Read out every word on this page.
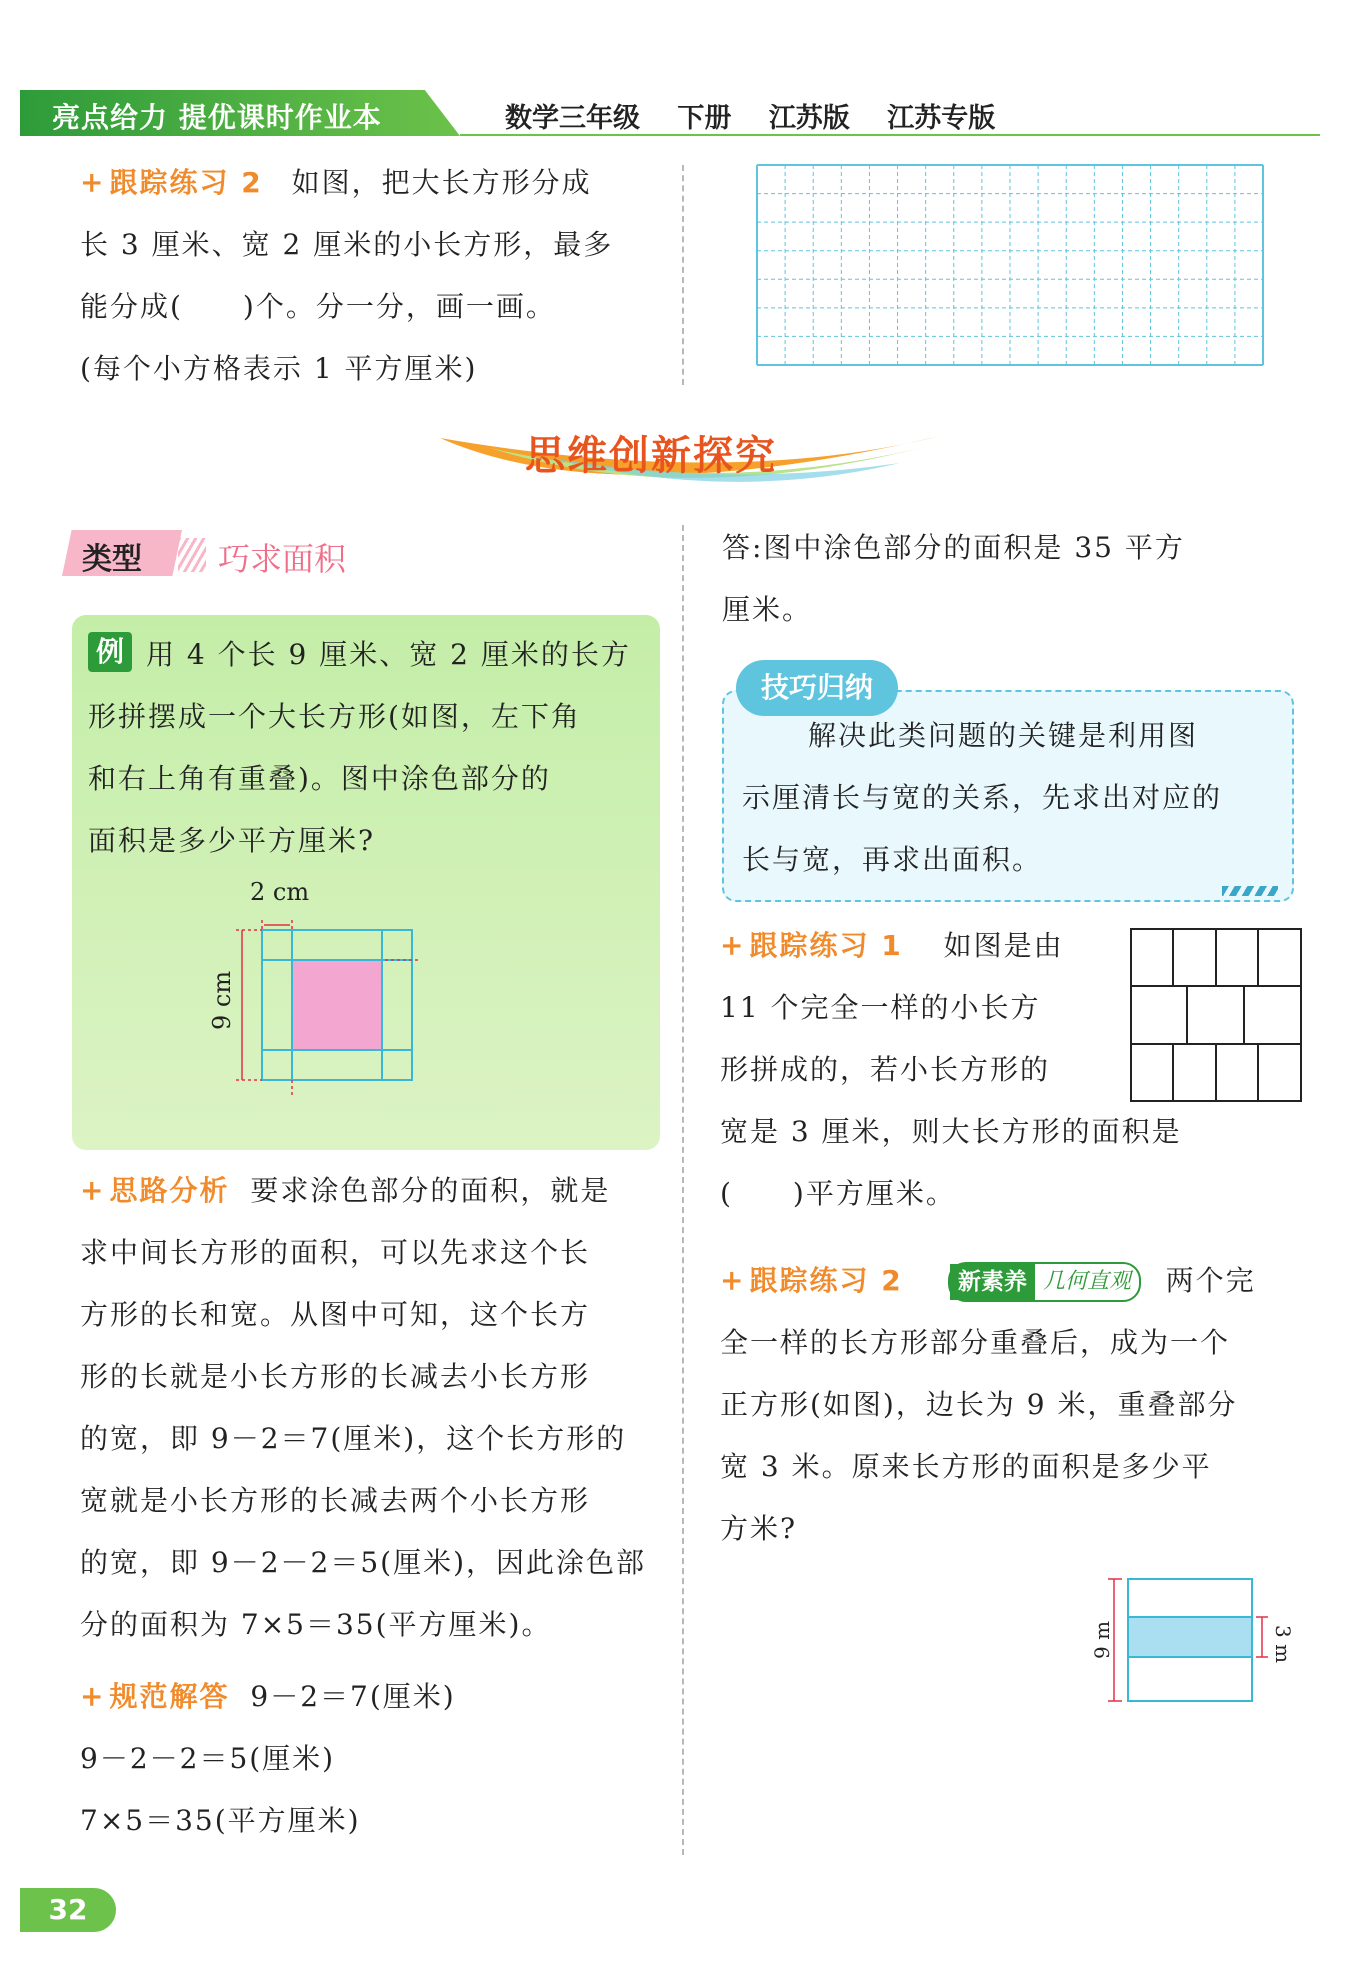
亮点给力 提优课时作业本	数学三年级 下册 江苏版 江苏专版
+ 跟踪练习 2 如图，把大长方形分成
长 3 厘米、宽 2 厘米的小长方形，最多
能分成(　　)个。分一分，画一画。
(每个小方格表示 1 平方厘米)
思维创新探究
类型 巧求面积
用 4 个长 9 厘米、宽 2 厘米的长方
形拼摆成一个大长方形(如图，左下角
和右上角有重叠)。图中涂色部分的
面积是多少平方厘米?
例
2 cm
9 cm
+ 思路分析 要求涂色部分的面积，就是
求中间长方形的面积，可以先求这个长
方形的长和宽。从图中可知，这个长方
形的长就是小长方形的长减去小长方形
的宽，即 9－2＝7(厘米)，这个长方形的
宽就是小长方形的长减去两个小长方形
的宽，即 9－2－2＝5(厘米)，因此涂色部
分的面积为 7×5＝35(平方厘米)。
+ 规范解答 9－2＝7(厘米)
9－2－2＝5(厘米)
7×5＝35(平方厘米)
答:图中涂色部分的面积是 35 平方
厘米。
技巧归纳
解决此类问题的关键是利用图
示厘清长与宽的关系，先求出对应的
长与宽，再求出面积。
+ 跟踪练习 1 如图是由
11 个完全一样的小长方
形拼成的，若小长方形的
宽是 3 厘米，则大长方形的面积是
(　　)平方厘米。
+ 跟踪练习 2	两个完
全一样的长方形部分重叠后，成为一个
正方形(如图)，边长为 9 米，重叠部分
宽 3 米。原来长方形的面积是多少平
方米?
新素养 几何直观
9 m	3 m
32
